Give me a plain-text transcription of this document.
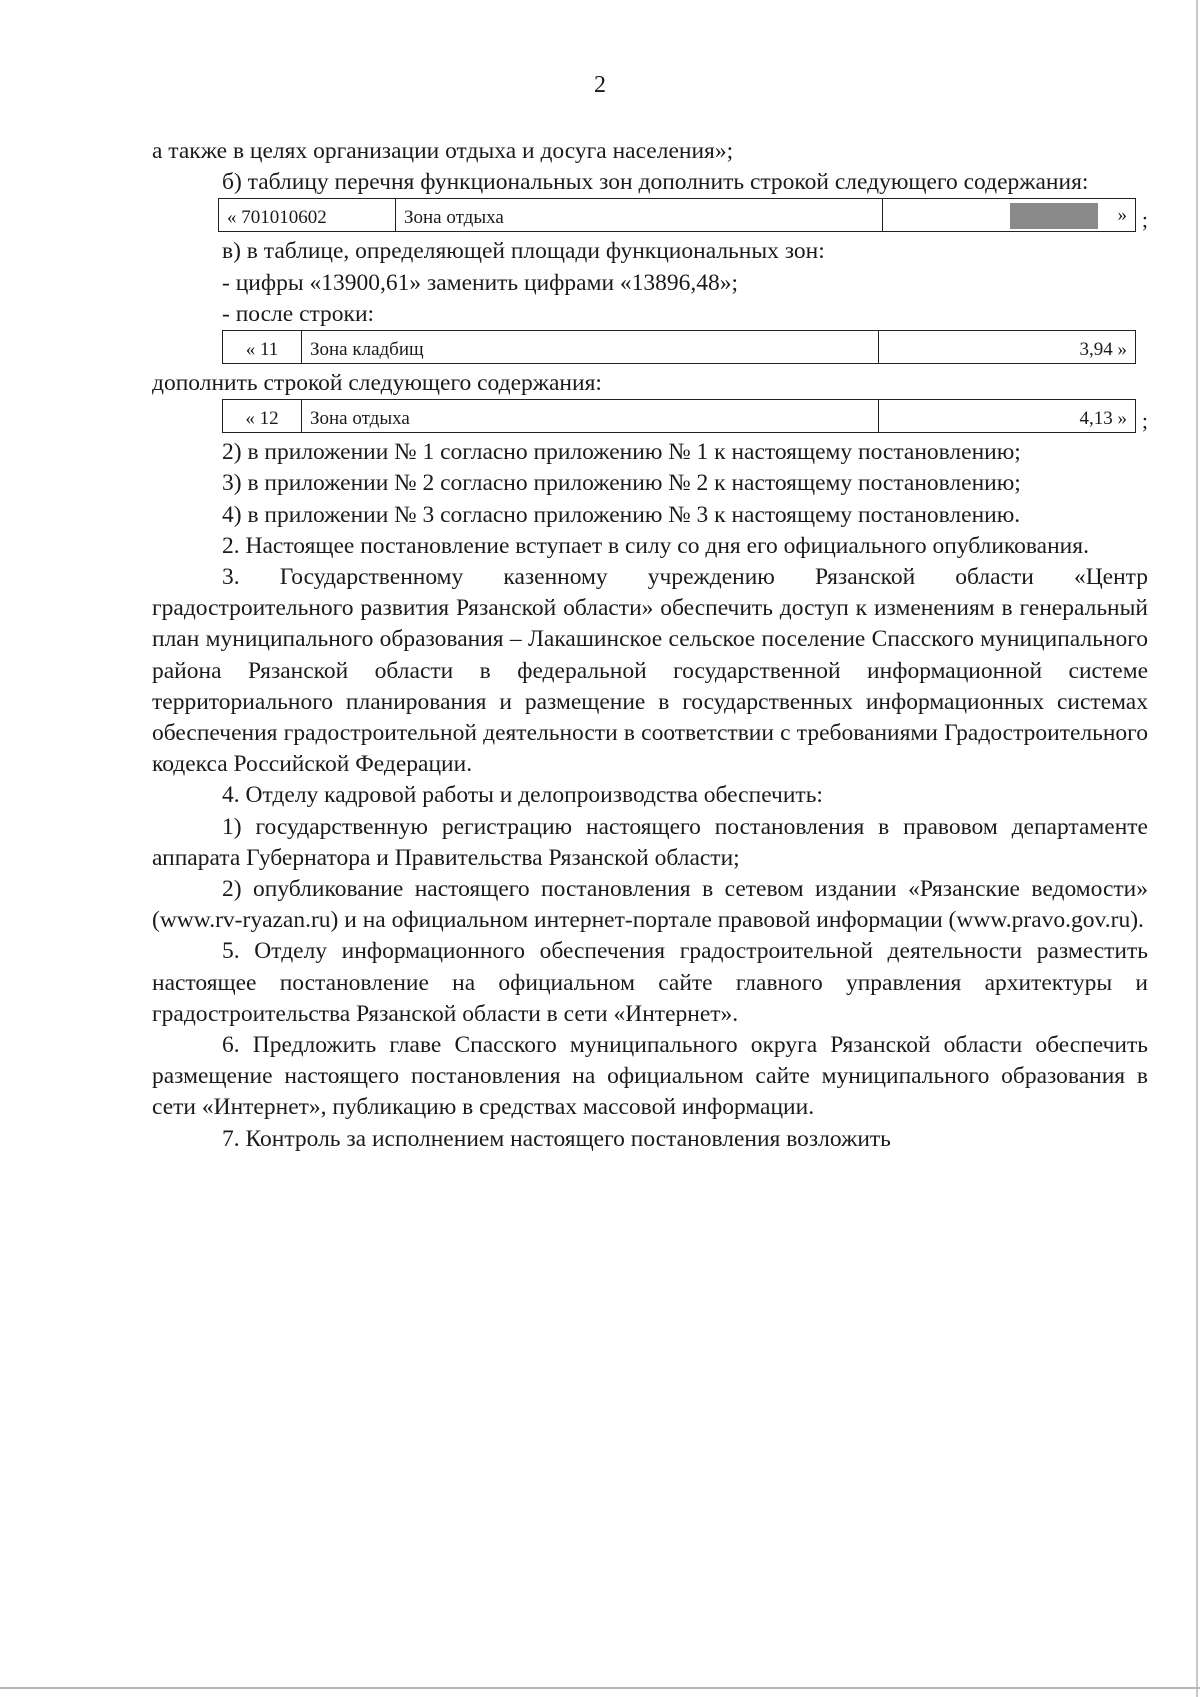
2

а также в целях организации отдыха и досуга населения»;

б) таблицу перечня функциональных зон дополнить строкой следующего содержания:

« 701010602	Зона отдыха	» ;

в) в таблице, определяющей площади функциональных зон:

- цифры «13900,61» заменить цифрами «13896,48»;

- после строки:

« 11	Зона кладбищ	3,94 »

дополнить строкой следующего содержания:

« 12	Зона отдыха	4,13 » ;

2) в приложении № 1 согласно приложению № 1 к настоящему постановлению;

3) в приложении № 2 согласно приложению № 2 к настоящему постановлению;

4) в приложении № 3 согласно приложению № 3 к настоящему постановлению.

2. Настоящее постановление вступает в силу со дня его официального опубликования.

3. Государственному казенному учреждению Рязанской области «Центр градостроительного развития Рязанской области» обеспечить доступ к изменениям в генеральный план муниципального образования – Лакашинское сельское поселение Спасского муниципального района Рязанской области в федеральной государственной информационной системе территориального планирования и размещение в государственных информационных системах обеспечения градостроительной деятельности в соответствии с требованиями Градостроительного кодекса Российской Федерации.

4. Отделу кадровой работы и делопроизводства обеспечить:

1) государственную регистрацию настоящего постановления в правовом департаменте аппарата Губернатора и Правительства Рязанской области;

2) опубликование настоящего постановления в сетевом издании «Рязанские ведомости» (www.rv-ryazan.ru) и на официальном интернет-портале правовой информации (www.pravo.gov.ru).

5. Отделу информационного обеспечения градостроительной деятельности разместить настоящее постановление на официальном сайте главного управления архитектуры и градостроительства Рязанской области в сети «Интернет».

6. Предложить главе Спасского муниципального округа Рязанской области обеспечить размещение настоящего постановления на официальном сайте муниципального образования в сети «Интернет», публикацию в средствах массовой информации.

7. Контроль за исполнением настоящего постановления возложить
